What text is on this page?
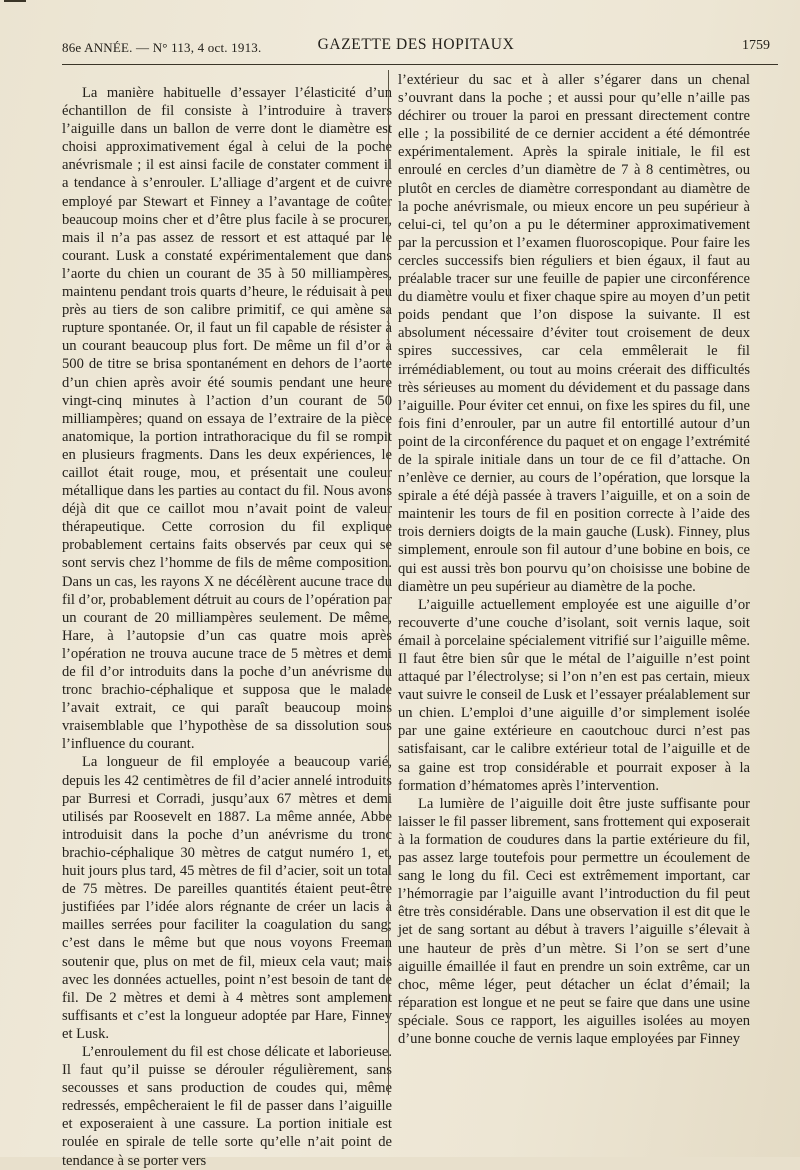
86e ANNÉE. — N° 113, 4 oct. 1913.	GAZETTE DES HOPITAUX	1759

La manière habituelle d’essayer l’élasticité d’un échantillon de fil consiste à l’introduire à travers l’aiguille dans un ballon de verre dont le diamètre est choisi approximativement égal à celui de la poche anévrismale ; il est ainsi facile de constater comment il a tendance à s’enrouler. L’alliage d’argent et de cuivre employé par Stewart et Finney a l’avantage de coûter beaucoup moins cher et d’être plus facile à se procurer, mais il n’a pas assez de ressort et est attaqué par le courant. Lusk a constaté expérimentalement que dans l’aorte du chien un courant de 35 à 50 milliampères, maintenu pendant trois quarts d’heure, le réduisait à peu près au tiers de son calibre primitif, ce qui amène sa rupture spontanée. Or, il faut un fil capable de résister à un courant beaucoup plus fort. De même un fil d’or à 500 de titre se brisa spontanément en dehors de l’aorte d’un chien après avoir été soumis pendant une heure vingt-cinq minutes à l’action d’un courant de 50 milliampères; quand on essaya de l’extraire de la pièce anatomique, la portion intrathoracique du fil se rompit en plusieurs fragments. Dans les deux expériences, le caillot était rouge, mou, et présentait une couleur métallique dans les parties au contact du fil. Nous avons déjà dit que ce caillot mou n’avait point de valeur thérapeutique. Cette corrosion du fil explique probablement certains faits observés par ceux qui se sont servis chez l’homme de fils de même composition. Dans un cas, les rayons X ne décélèrent aucune trace du fil d’or, probablement détruit au cours de l’opération par un courant de 20 milliampères seulement. De même, Hare, à l’autopsie d’un cas quatre mois après l’opération ne trouva aucune trace de 5 mètres et demi de fil d’or introduits dans la poche d’un anévrisme du tronc brachio-céphalique et supposa que le malade l’avait extrait, ce qui paraît beaucoup moins vraisemblable que l’hypothèse de sa dissolution sous l’influence du courant.

La longueur de fil employée a beaucoup varié, depuis les 42 centimètres de fil d’acier annelé introduits par Burresi et Corradi, jusqu’aux 67 mètres et demi utilisés par Roosevelt en 1887. La même année, Abbe introduisit dans la poche d’un anévrisme du tronc brachio-céphalique 30 mètres de catgut numéro 1, et, huit jours plus tard, 45 mètres de fil d’acier, soit un total de 75 mètres. De pareilles quantités étaient peut-être justifiées par l’idée alors régnante de créer un lacis à mailles serrées pour faciliter la coagulation du sang; c’est dans le même but que nous voyons Freeman soutenir que, plus on met de fil, mieux cela vaut; mais avec les données actuelles, point n’est besoin de tant de fil. De 2 mètres et demi à 4 mètres sont amplement suffisants et c’est la longueur adoptée par Hare, Finney et Lusk.

L’enroulement du fil est chose délicate et laborieuse. Il faut qu’il puisse se dérouler régulièrement, sans secousses et sans production de coudes qui, même redressés, empêcheraient le fil de passer dans l’aiguille et exposeraient à une cassure. La portion initiale est roulée en spirale de telle sorte qu’elle n’ait point de tendance à se porter vers

l’extérieur du sac et à aller s’égarer dans un chenal s’ouvrant dans la poche ; et aussi pour qu’elle n’aille pas déchirer ou trouer la paroi en pressant directement contre elle ; la possibilité de ce dernier accident a été démontrée expérimentalement. Après la spirale initiale, le fil est enroulé en cercles d’un diamètre de 7 à 8 centimètres, ou plutôt en cercles de diamètre correspondant au diamètre de la poche anévrismale, ou mieux encore un peu supérieur à celui-ci, tel qu’on a pu le déterminer approximativement par la percussion et l’examen fluoroscopique. Pour faire les cercles successifs bien réguliers et bien égaux, il faut au préalable tracer sur une feuille de papier une circonférence du diamètre voulu et fixer chaque spire au moyen d’un petit poids pendant que l’on dispose la suivante. Il est absolument nécessaire d’éviter tout croisement de deux spires successives, car cela emmêlerait le fil irrémédiablement, ou tout au moins créerait des difficultés très sérieuses au moment du dévidement et du passage dans l’aiguille. Pour éviter cet ennui, on fixe les spires du fil, une fois fini d’enrouler, par un autre fil entortillé autour d’un point de la circonférence du paquet et on engage l’extrémité de la spirale initiale dans un tour de ce fil d’attache. On n’enlève ce dernier, au cours de l’opération, que lorsque la spirale a été déjà passée à travers l’aiguille, et on a soin de maintenir les tours de fil en position correcte à l’aide des trois derniers doigts de la main gauche (Lusk). Finney, plus simplement, enroule son fil autour d’une bobine en bois, ce qui est aussi très bon pourvu qu’on choisisse une bobine de diamètre un peu supérieur au diamètre de la poche.

L’aiguille actuellement employée est une aiguille d’or recouverte d’une couche d’isolant, soit vernis laque, soit émail à porcelaine spécialement vitrifié sur l’aiguille même. Il faut être bien sûr que le métal de l’aiguille n’est point attaqué par l’électrolyse; si l’on n’en est pas certain, mieux vaut suivre le conseil de Lusk et l’essayer préalablement sur un chien. L’emploi d’une aiguille d’or simplement isolée par une gaine extérieure en caoutchouc durci n’est pas satisfaisant, car le calibre extérieur total de l’aiguille et de sa gaine est trop considérable et pourrait exposer à la formation d’hématomes après l’intervention.

La lumière de l’aiguille doit être juste suffisante pour laisser le fil passer librement, sans frottement qui exposerait à la formation de coudures dans la partie extérieure du fil, pas assez large toutefois pour permettre un écoulement de sang le long du fil. Ceci est extrêmement important, car l’hémorragie par l’aiguille avant l’introduction du fil peut être très considérable. Dans une observation il est dit que le jet de sang sortant au début à travers l’aiguille s’élevait à une hauteur de près d’un mètre. Si l’on se sert d’une aiguille émaillée il faut en prendre un soin extrême, car un choc, même léger, peut détacher un éclat d’émail; la réparation est longue et ne peut se faire que dans une usine spéciale. Sous ce rapport, les aiguilles isolées au moyen d’une bonne couche de vernis laque employées par Finney
